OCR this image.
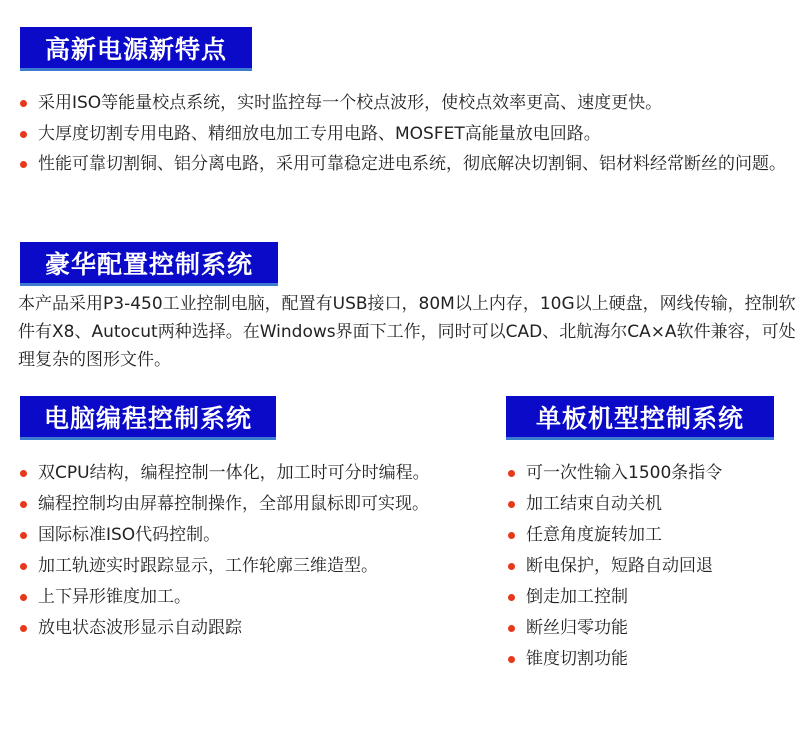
高新电源新特点
采用ISO等能量校点系统，实时监控每一个校点波形，使校点效率更高、速度更快。
大厚度切割专用电路、精细放电加工专用电路、MOSFET高能量放电回路。
性能可靠切割铜、铝分离电路，采用可靠稳定进电系统，彻底解决切割铜、铝材料经常断丝的问题。
豪华配置控制系统

本产品采用P3-450工业控制电脑，配置有USB接口，80M以上内存，10G以上硬盘，网线传输，控制软件有X8、Autocut两种选择。在Windows界面下工作，同时可以CAD、北航海尔CA×A软件兼容，可处理复杂的图形文件。

电脑编程控制系统
双CPU结构，编程控制一体化，加工时可分时编程。
编程控制均由屏幕控制操作，全部用鼠标即可实现。
国际标准ISO代码控制。
加工轨迹实时跟踪显示，工作轮廓三维造型。
上下异形锥度加工。
放电状态波形显示自动跟踪
单板机型控制系统
可一次性输入1500条指令
加工结束自动关机
任意角度旋转加工
断电保护，短路自动回退
倒走加工控制
断丝归零功能
锥度切割功能
